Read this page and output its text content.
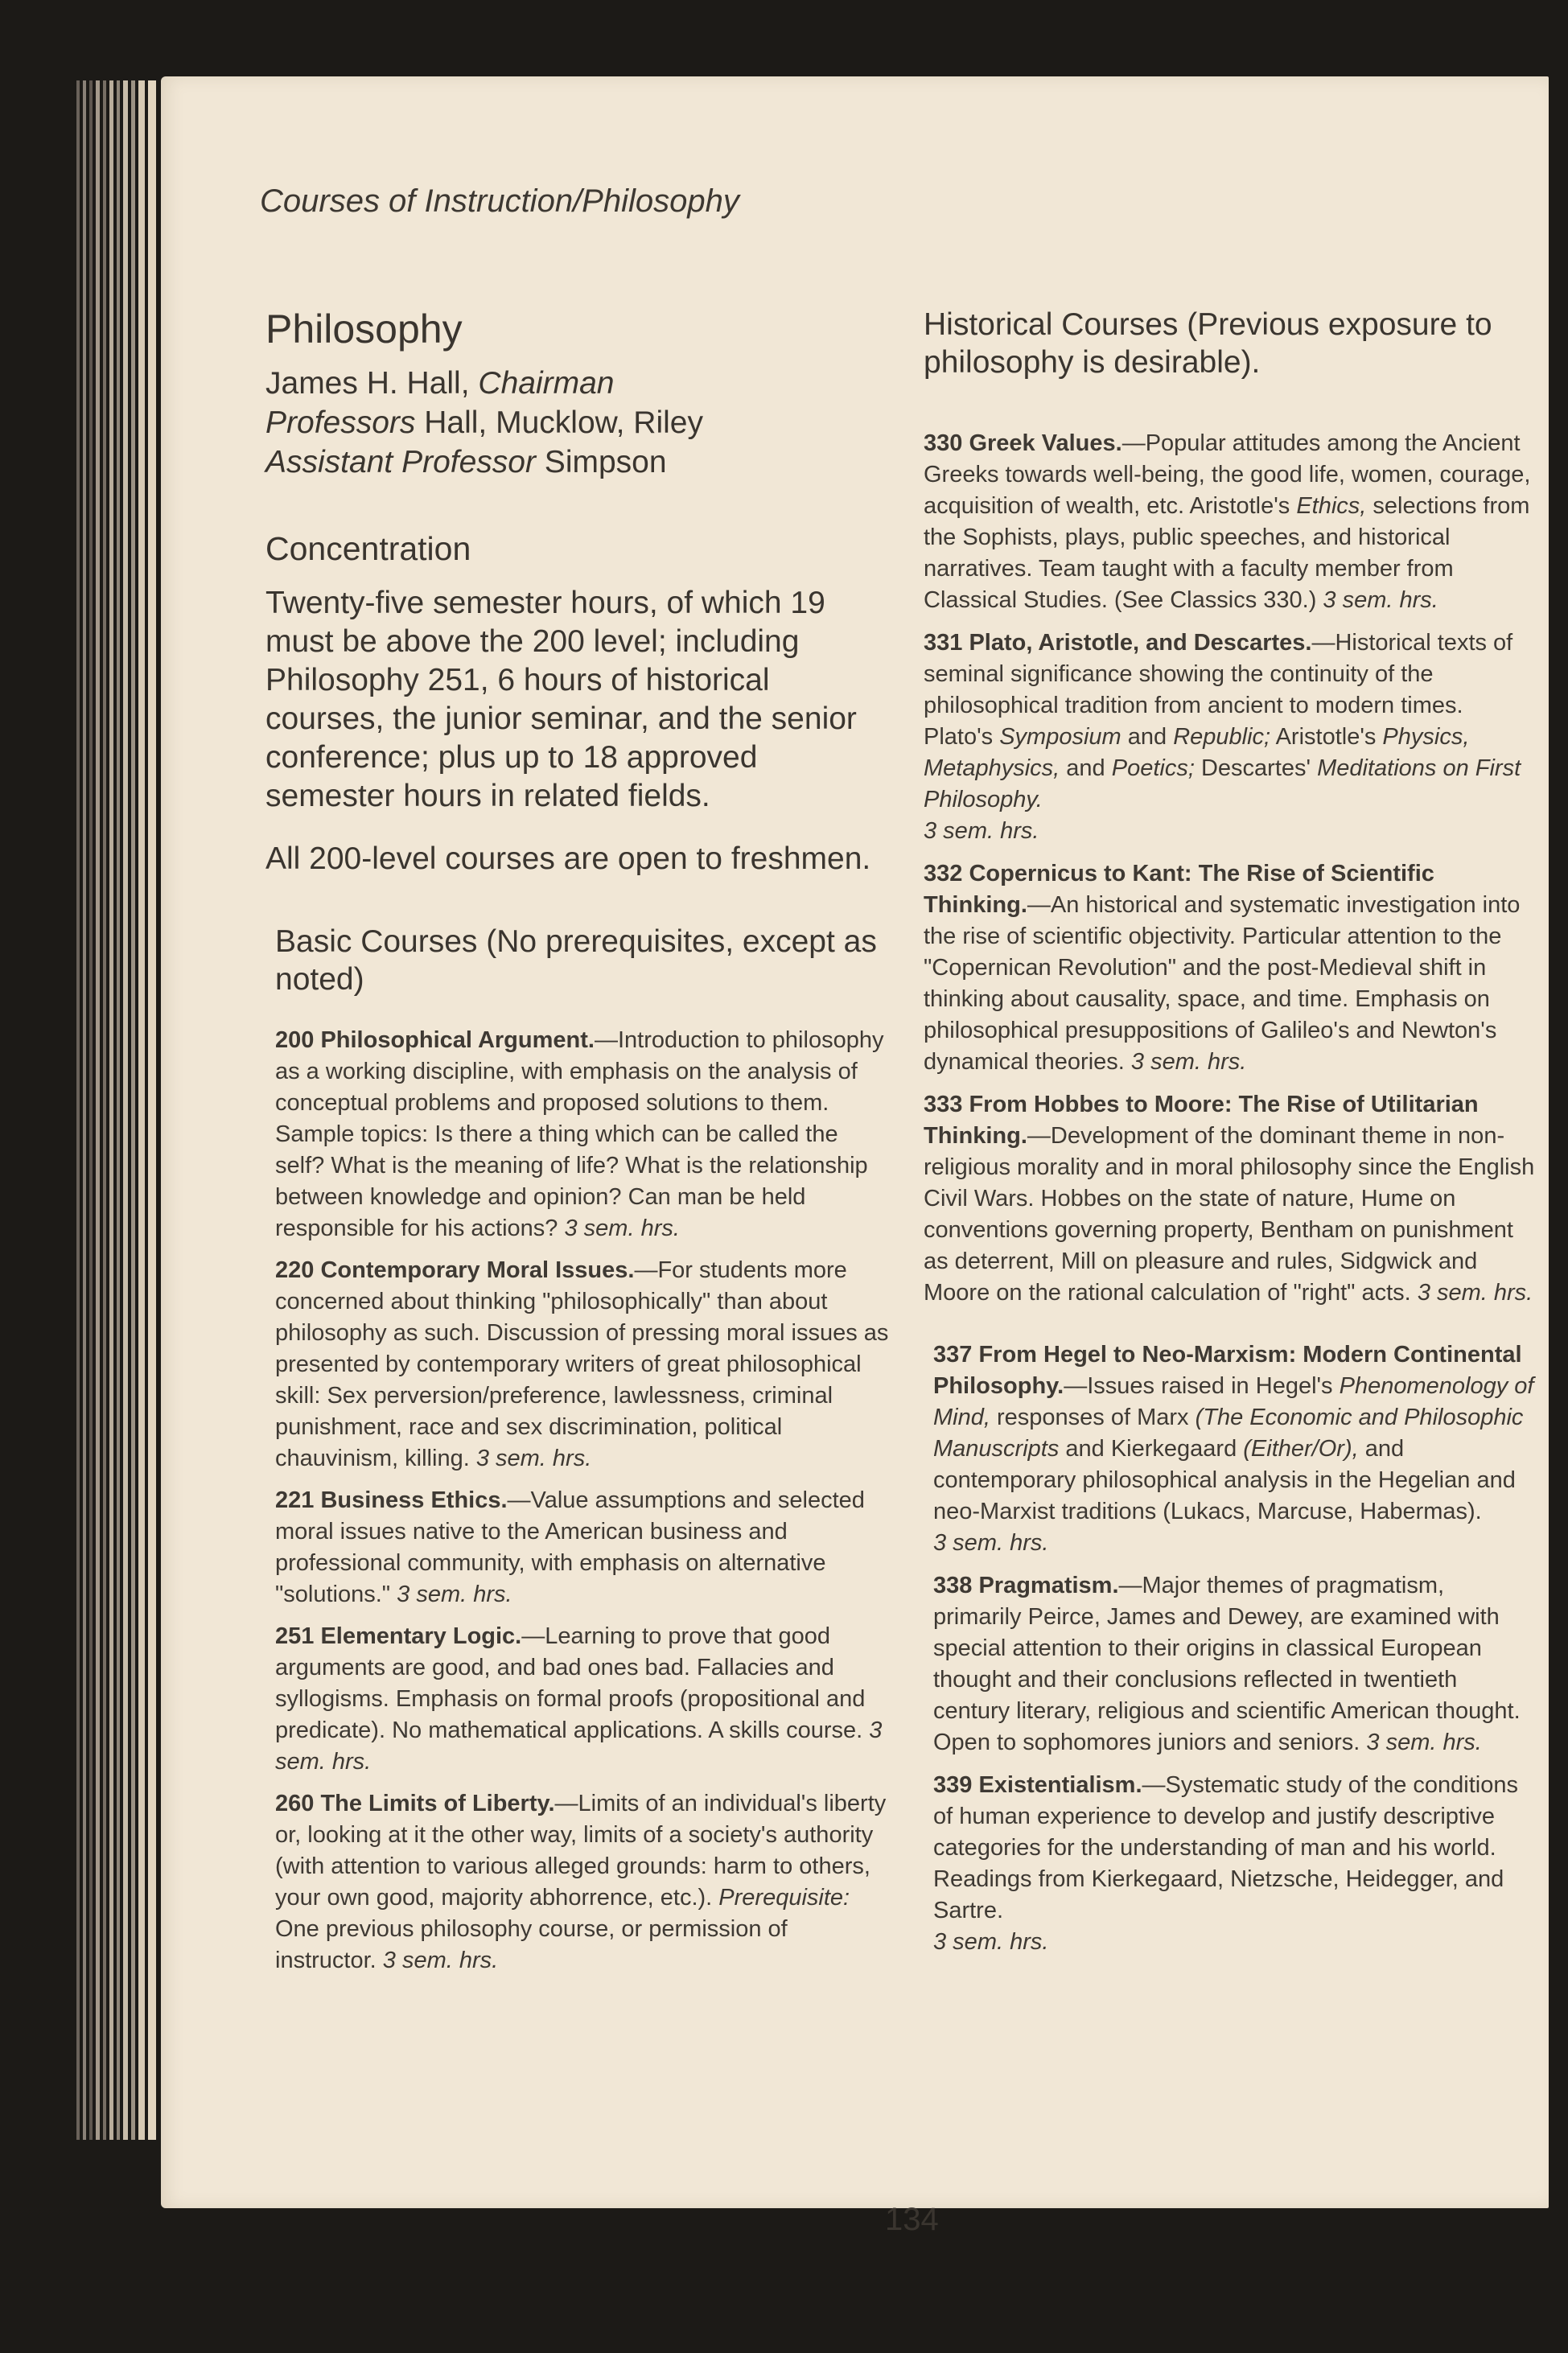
Courses of Instruction/Philosophy
Philosophy
James H. Hall, Chairman
Professors Hall, Mucklow, Riley
Assistant Professor Simpson
Concentration
Twenty-five semester hours, of which 19 must be above the 200 level; including Philosophy 251, 6 hours of historical courses, the junior seminar, and the senior conference; plus up to 18 approved semester hours in related fields.
All 200-level courses are open to freshmen.
Basic Courses (No prerequisites, except as noted)
200 Philosophical Argument.—Introduction to philosophy as a working discipline, with emphasis on the analysis of conceptual problems and proposed solutions to them. Sample topics: Is there a thing which can be called the self? What is the meaning of life? What is the relationship between knowledge and opinion? Can man be held responsible for his actions? 3 sem. hrs.
220 Contemporary Moral Issues.—For students more concerned about thinking "philosophically" than about philosophy as such. Discussion of pressing moral issues as presented by contemporary writers of great philosophical skill: Sex perversion/preference, lawlessness, criminal punishment, race and sex discrimination, political chauvinism, killing. 3 sem. hrs.
221 Business Ethics.—Value assumptions and selected moral issues native to the American business and professional community, with emphasis on alternative "solutions." 3 sem. hrs.
251 Elementary Logic.—Learning to prove that good arguments are good, and bad ones bad. Fallacies and syllogisms. Emphasis on formal proofs (propositional and predicate). No mathematical applications. A skills course. 3 sem. hrs.
260 The Limits of Liberty.—Limits of an individual's liberty or, looking at it the other way, limits of a society's authority (with attention to various alleged grounds: harm to others, your own good, majority abhorrence, etc.). Prerequisite: One previous philosophy course, or permission of instructor. 3 sem. hrs.
Historical Courses (Previous exposure to philosophy is desirable).
330 Greek Values.—Popular attitudes among the Ancient Greeks towards well-being, the good life, women, courage, acquisition of wealth, etc. Aristotle's Ethics, selections from the Sophists, plays, public speeches, and historical narratives. Team taught with a faculty member from Classical Studies. (See Classics 330.) 3 sem. hrs.
331 Plato, Aristotle, and Descartes.—Historical texts of seminal significance showing the continuity of the philosophical tradition from ancient to modern times. Plato's Symposium and Republic; Aristotle's Physics, Metaphysics, and Poetics; Descartes' Meditations on First Philosophy.
3 sem. hrs.
332 Copernicus to Kant: The Rise of Scientific Thinking.—An historical and systematic investigation into the rise of scientific objectivity. Particular attention to the "Copernican Revolution" and the post-Medieval shift in thinking about causality, space, and time. Emphasis on philosophical presuppositions of Galileo's and Newton's dynamical theories. 3 sem. hrs.
333 From Hobbes to Moore: The Rise of Utilitarian Thinking.—Development of the dominant theme in non-religious morality and in moral philosophy since the English Civil Wars. Hobbes on the state of nature, Hume on conventions governing property, Bentham on punishment as deterrent, Mill on pleasure and rules, Sidgwick and Moore on the rational calculation of "right" acts. 3 sem. hrs.
337 From Hegel to Neo-Marxism: Modern Continental Philosophy.—Issues raised in Hegel's Phenomenology of Mind, responses of Marx (The Economic and Philosophic Manuscripts and Kierkegaard (Either/Or), and contemporary philosophical analysis in the Hegelian and neo-Marxist traditions (Lukacs, Marcuse, Habermas).
3 sem. hrs.
338 Pragmatism.—Major themes of pragmatism, primarily Peirce, James and Dewey, are examined with special attention to their origins in classical European thought and their conclusions reflected in twentieth century literary, religious and scientific American thought. Open to sophomores juniors and seniors. 3 sem. hrs.
339 Existentialism.—Systematic study of the conditions of human experience to develop and justify descriptive categories for the understanding of man and his world. Readings from Kierkegaard, Nietzsche, Heidegger, and Sartre.
3 sem. hrs.
134
